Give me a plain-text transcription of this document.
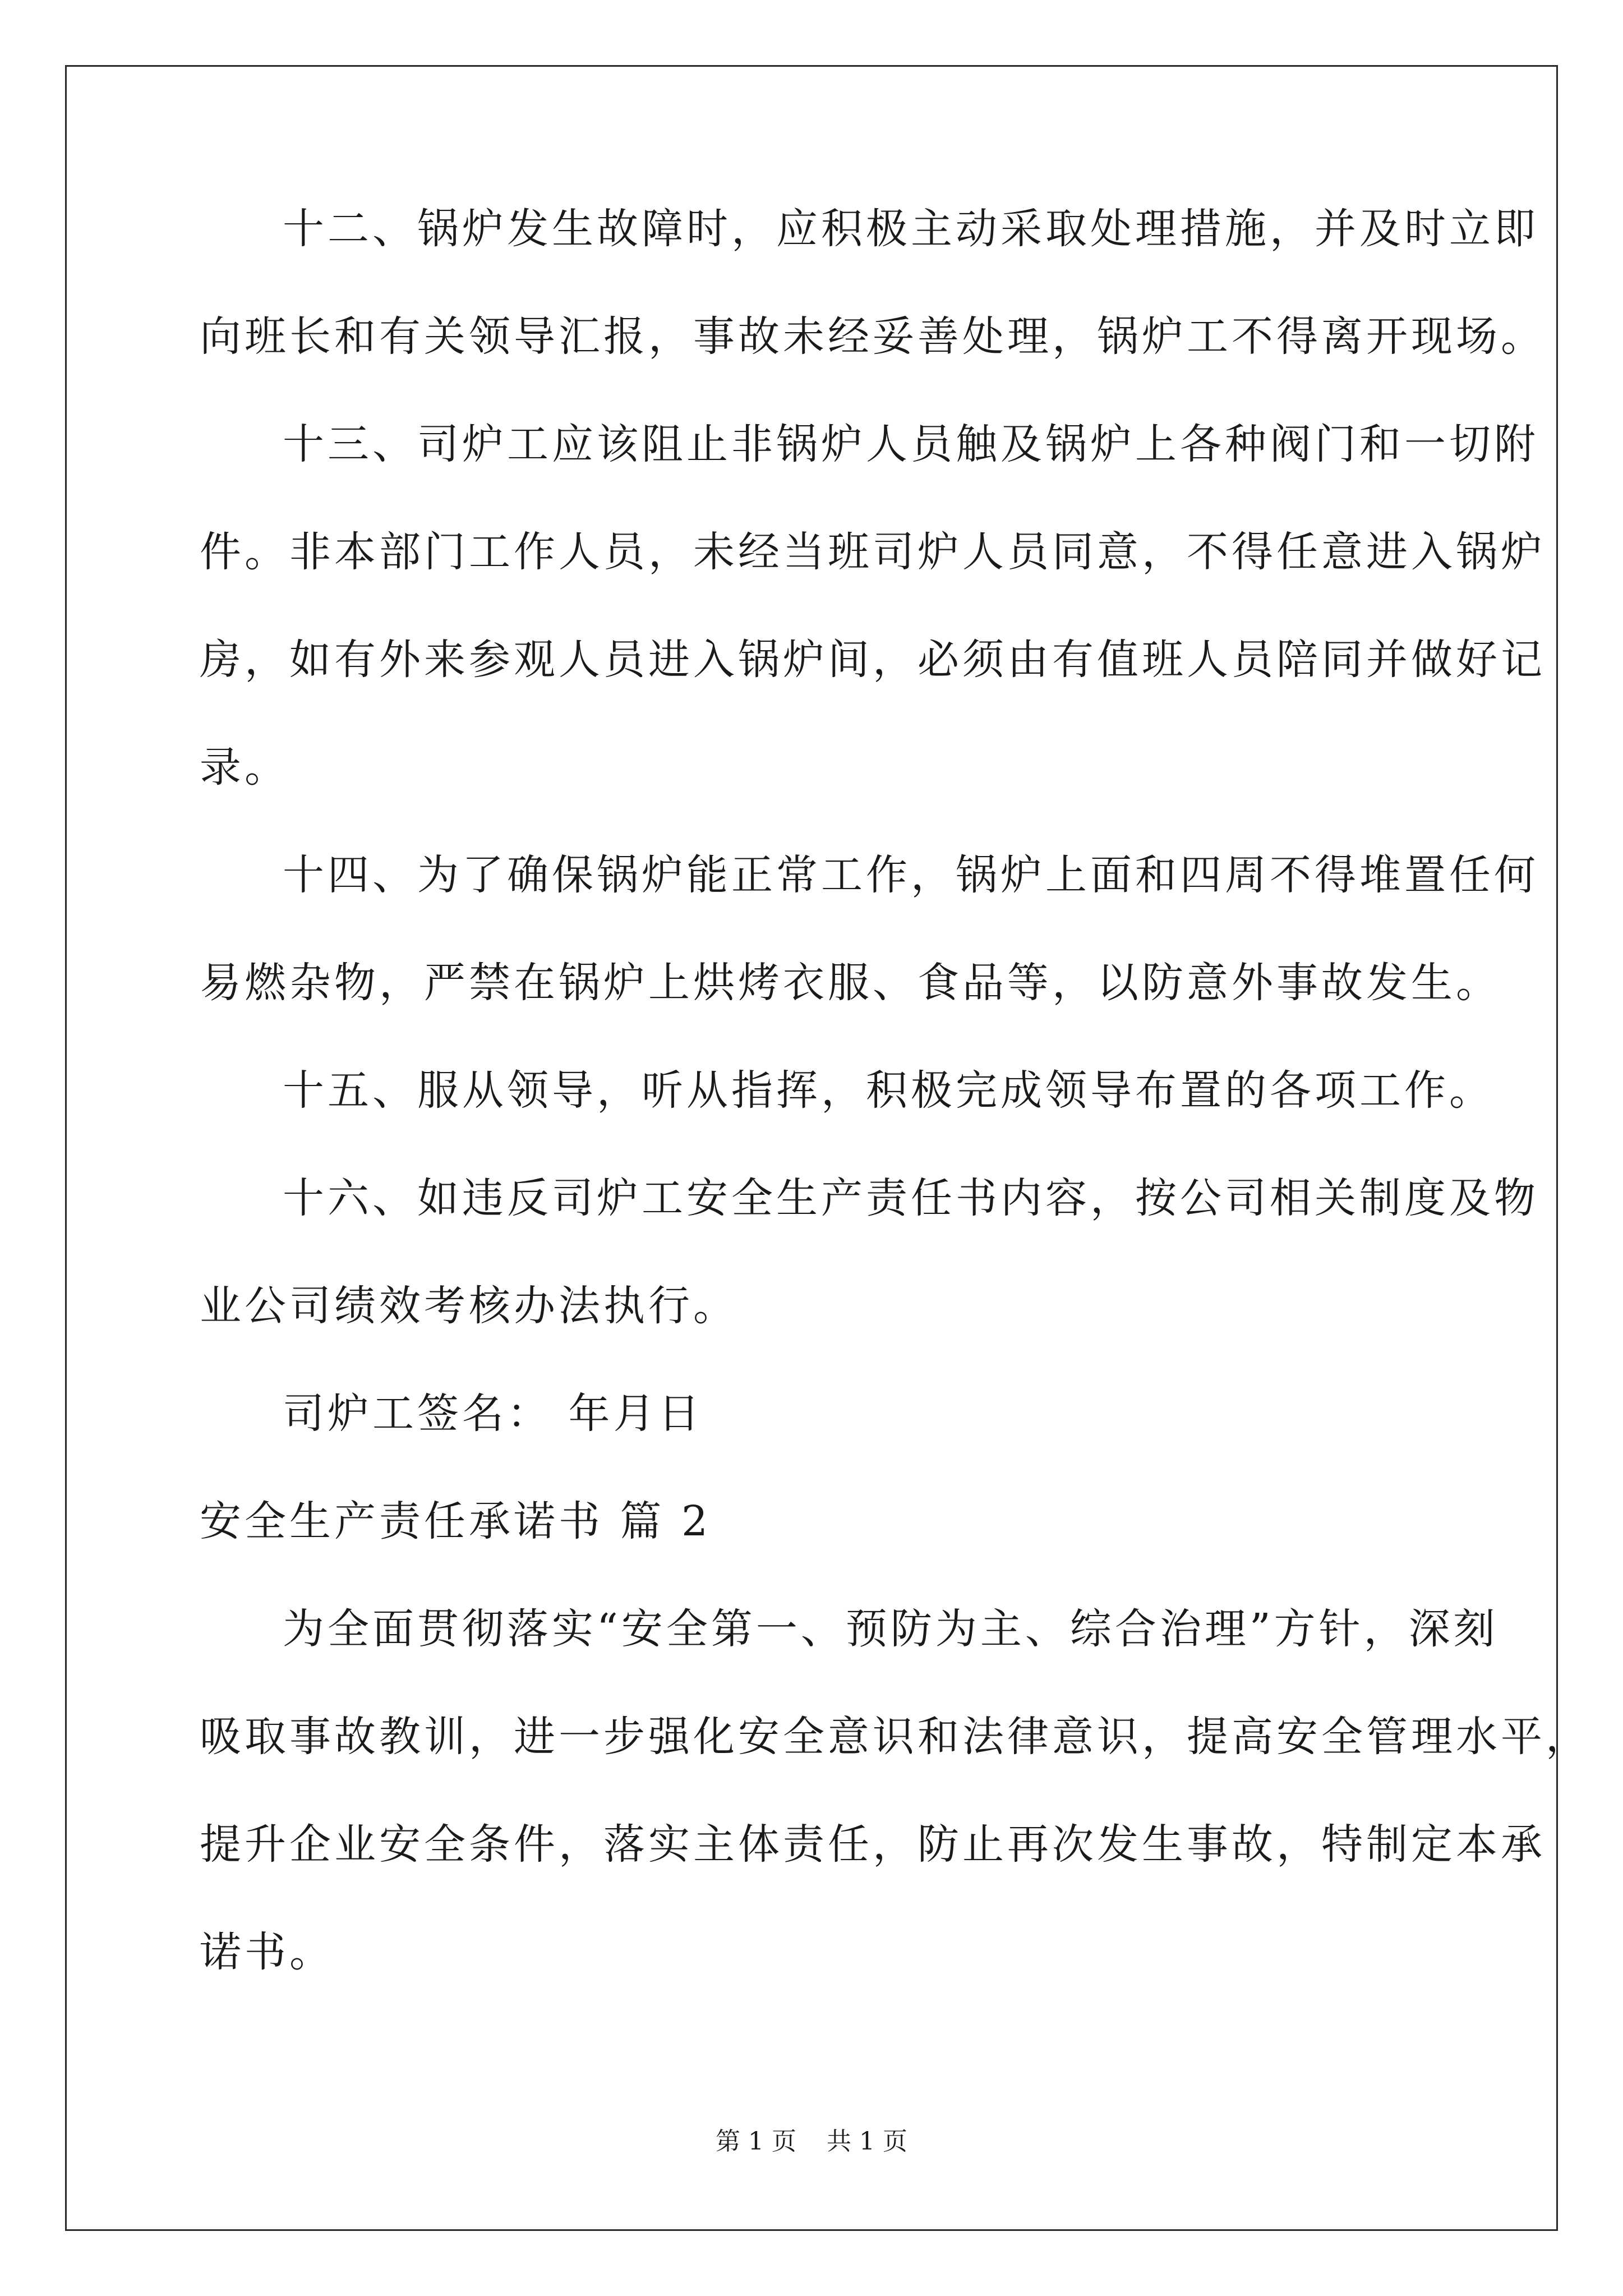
十二、锅炉发生故障时，应积极主动采取处理措施，并及时立即
向班长和有关领导汇报，事故未经妥善处理，锅炉工不得离开现场。
十三、司炉工应该阻止非锅炉人员触及锅炉上各种阀门和一切附
件。非本部门工作人员，未经当班司炉人员同意，不得任意进入锅炉
房，如有外来参观人员进入锅炉间，必须由有值班人员陪同并做好记
录。
十四、为了确保锅炉能正常工作，锅炉上面和四周不得堆置任何
易燃杂物，严禁在锅炉上烘烤衣服、食品等，以防意外事故发生。
十五、服从领导，听从指挥，积极完成领导布置的各项工作。
十六、如违反司炉工安全生产责任书内容，按公司相关制度及物
业公司绩效考核办法执行。
司炉工签名： 年月日
安全生产责任承诺书 篇 2
为全面贯彻落实“安全第一、预防为主、综合治理”方针，深刻
吸取事故教训，进一步强化安全意识和法律意识，提高安全管理水平，
提升企业安全条件，落实主体责任，防止再次发生事故，特制定本承
诺书。
第 1 页 共 1 页
